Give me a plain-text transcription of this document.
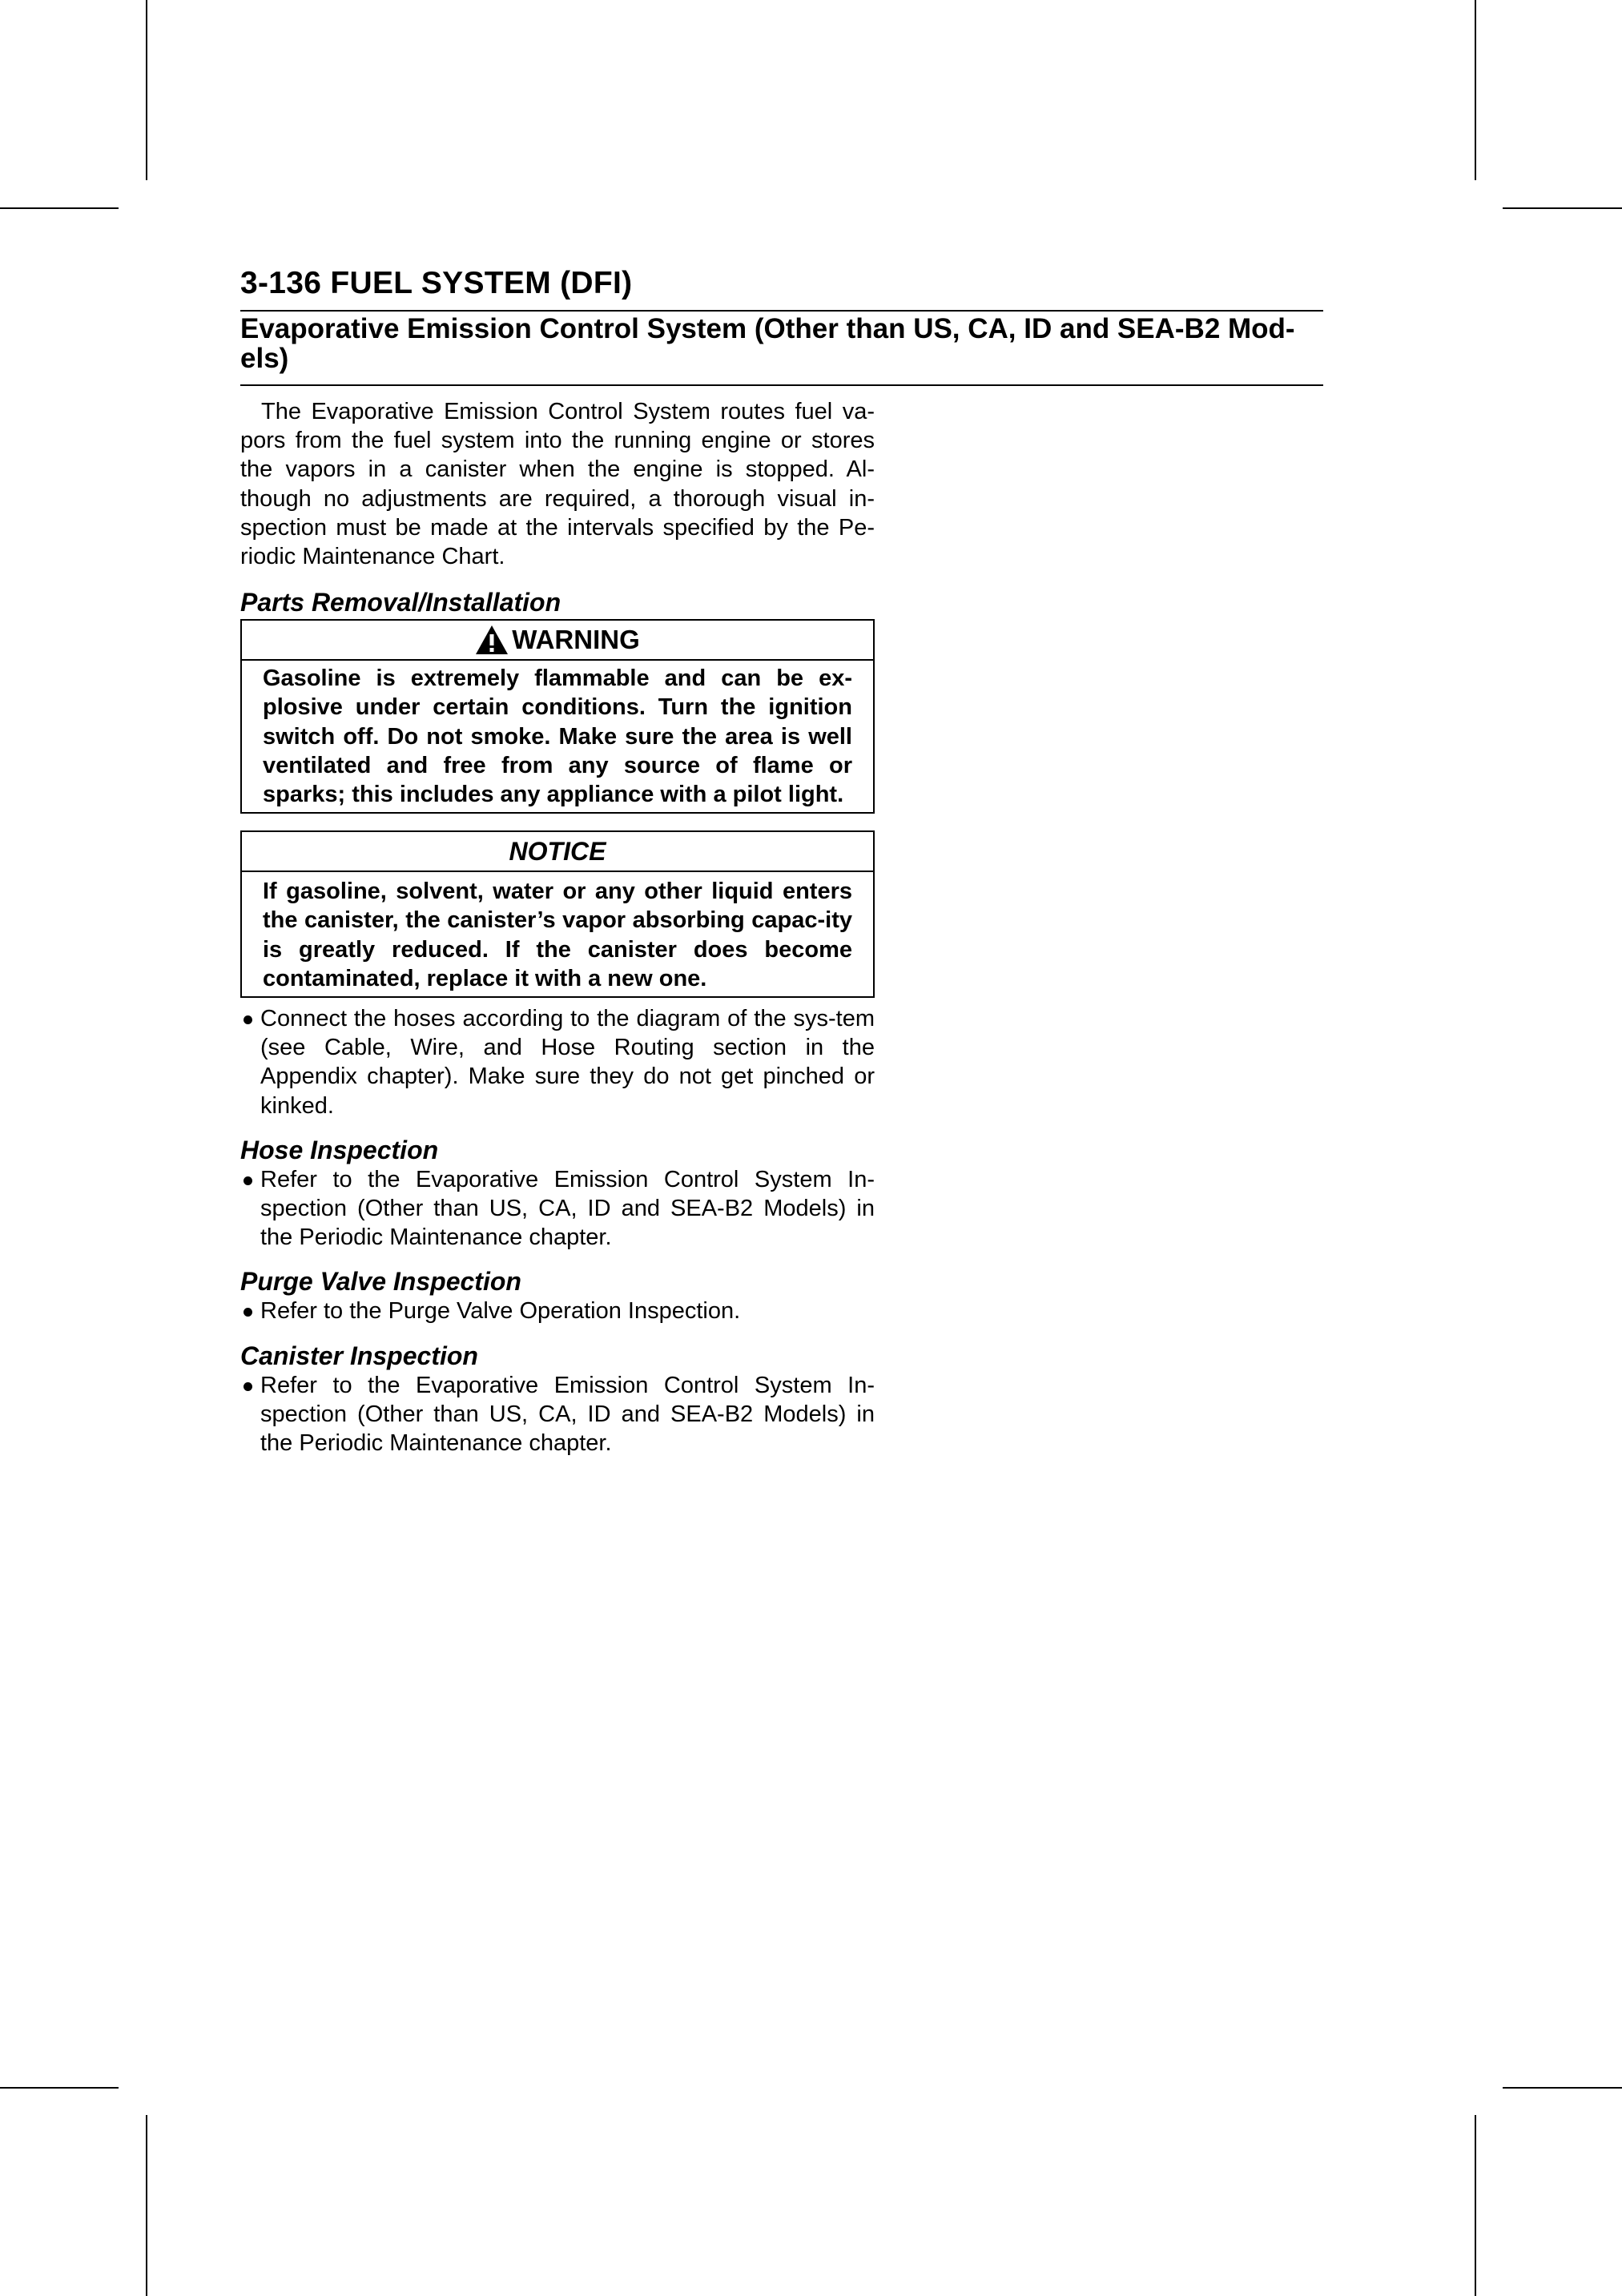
3-136 FUEL SYSTEM (DFI)
Evaporative Emission Control System (Other than US, CA, ID and SEA-B2 Mod-els)

The Evaporative Emission Control System routes fuel va-pors from the fuel system into the running engine or stores the vapors in a canister when the engine is stopped. Al-though no adjustments are required, a thorough visual in-spection must be made at the intervals specified by the Pe-riodic Maintenance Chart.

Parts Removal/Installation

WARNING

Gasoline is extremely flammable and can be ex-plosive under certain conditions. Turn the ignition switch off. Do not smoke. Make sure the area is well ventilated and free from any source of flame or sparks; this includes any appliance with a pilot light.

NOTICE

If gasoline, solvent, water or any other liquid enters the canister, the canister’s vapor absorbing capac-ity is greatly reduced. If the canister does become contaminated, replace it with a new one.

Connect the hoses according to the diagram of the sys-tem (see Cable, Wire, and Hose Routing section in the Appendix chapter). Make sure they do not get pinched or kinked.

Hose Inspection

Refer to the Evaporative Emission Control System In-spection (Other than US, CA, ID and SEA-B2 Models) in the Periodic Maintenance chapter.

Purge Valve Inspection

Refer to the Purge Valve Operation Inspection.

Canister Inspection

Refer to the Evaporative Emission Control System In-spection (Other than US, CA, ID and SEA-B2 Models) in the Periodic Maintenance chapter.
